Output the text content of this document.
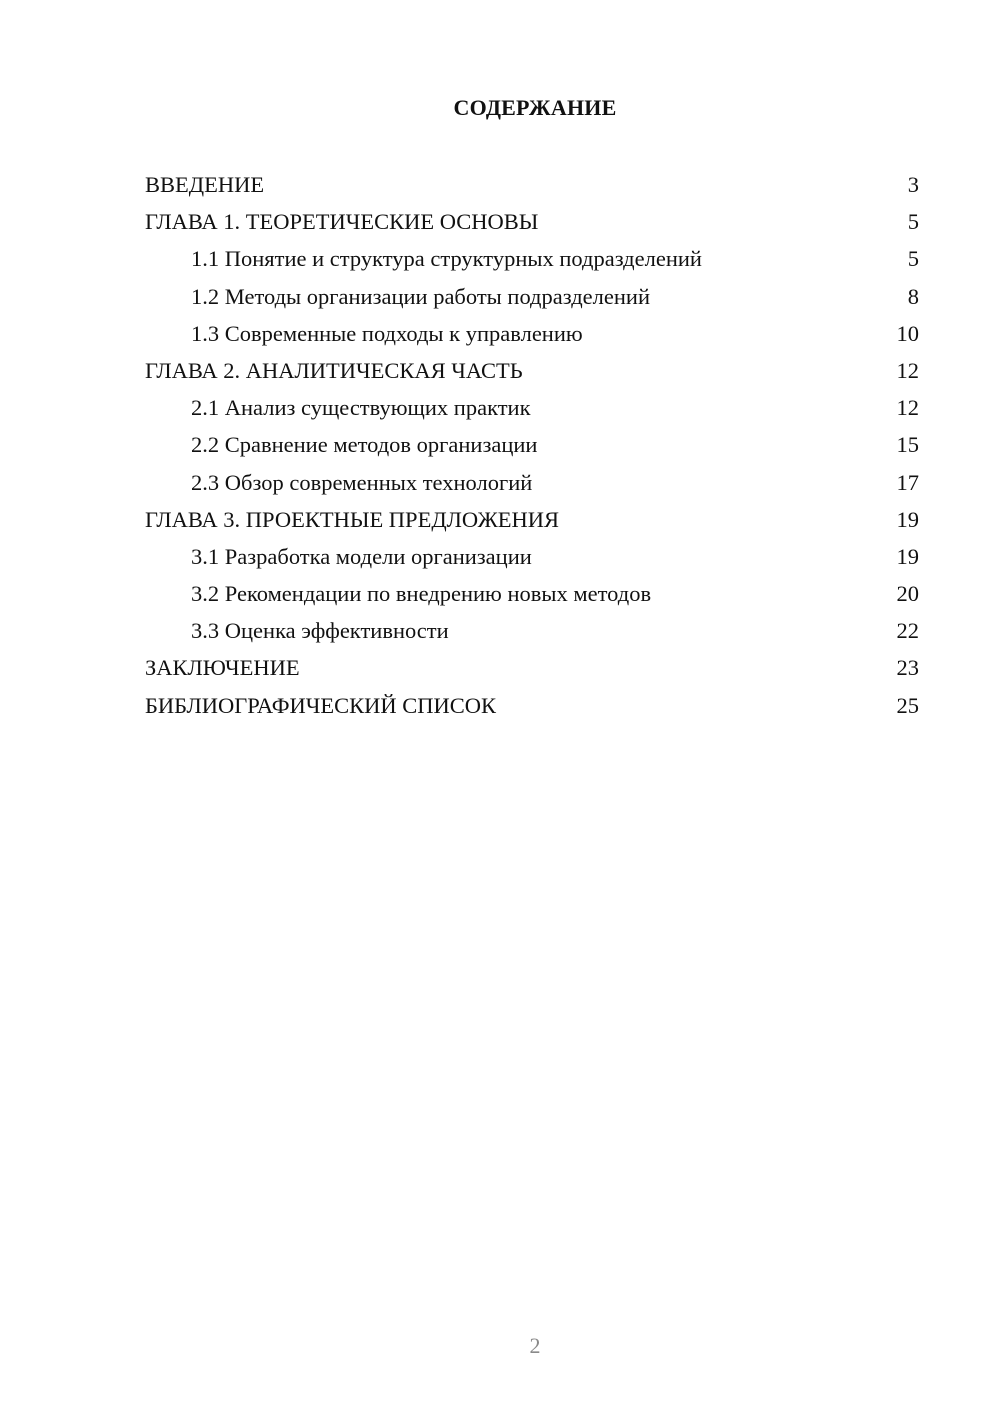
СОДЕРЖАНИЕ
ВВЕДЕНИЕ	3
ГЛАВА 1. ТЕОРЕТИЧЕСКИЕ ОСНОВЫ	5
1.1 Понятие и структура структурных подразделений	5
1.2 Методы организации работы подразделений	8
1.3 Современные подходы к управлению	10
ГЛАВА 2. АНАЛИТИЧЕСКАЯ ЧАСТЬ	12
2.1 Анализ существующих практик	12
2.2 Сравнение методов организации	15
2.3 Обзор современных технологий	17
ГЛАВА 3. ПРОЕКТНЫЕ ПРЕДЛОЖЕНИЯ	19
3.1 Разработка модели организации	19
3.2 Рекомендации по внедрению новых методов	20
3.3 Оценка эффективности	22
ЗАКЛЮЧЕНИЕ	23
БИБЛИОГРАФИЧЕСКИЙ СПИСОК	25
2
